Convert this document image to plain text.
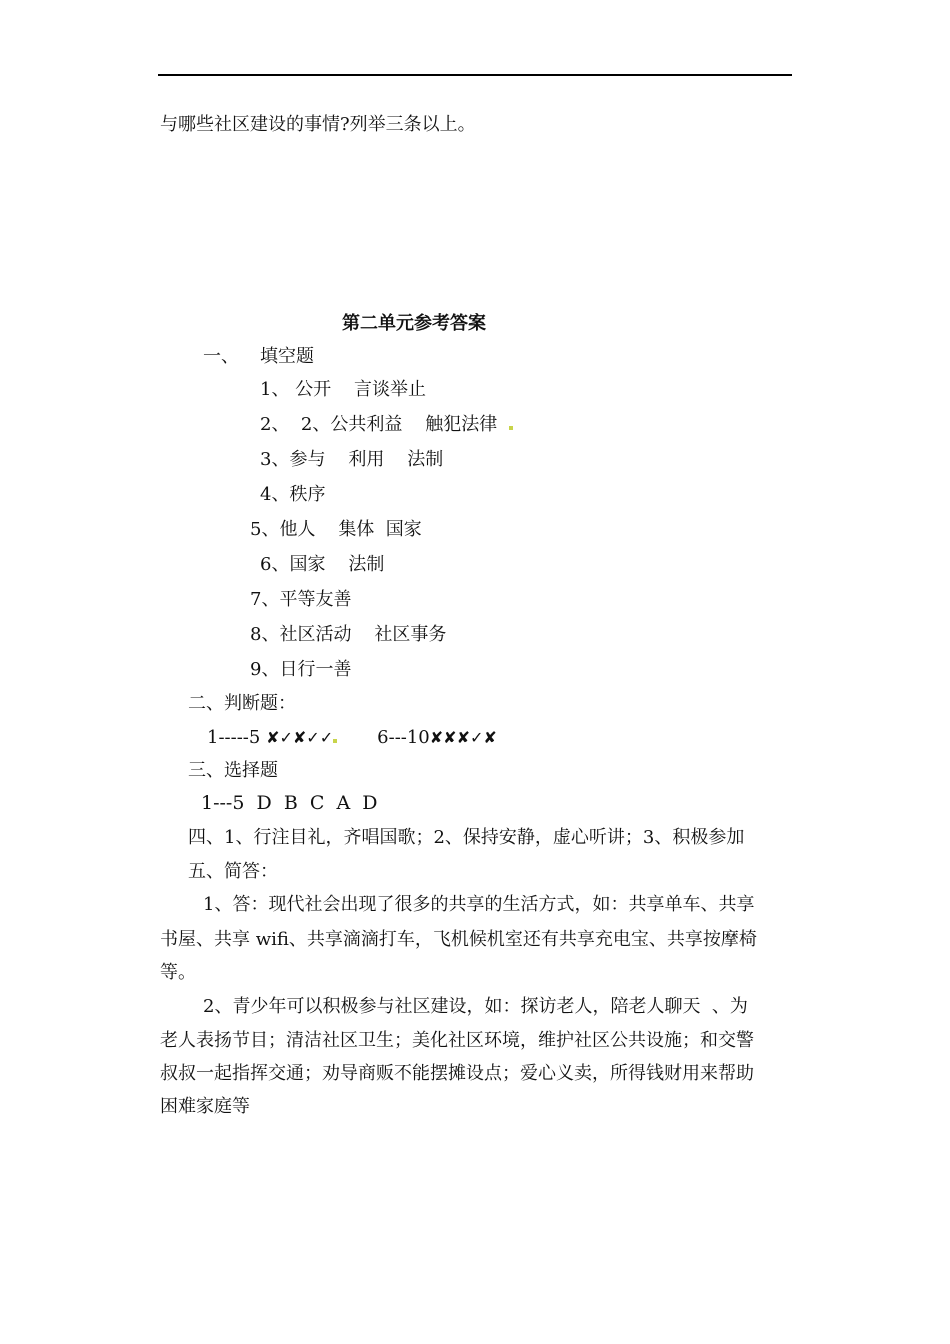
与哪些社区建设的事情?列举三条以上。
第二单元参考答案
一、 填空题
1、 公开    言谈举止
2、  2、公共利益    触犯法律
3、参与    利用    法制
4、秩序
5、他人    集体  国家
6、国家    法制
7、平等友善
8、社区活动    社区事务
9、日行一善
二、判断题：
1-----5 ✘✓✘✓✓ 6---10✘✘✘✓✘
三、选择题
1---5  D  B  C  A  D
四、1、行注目礼，齐唱国歌；2、保持安静，虚心听讲；3、积极参加
五、简答：
1、答：现代社会出现了很多的共享的生活方式，如：共享单车、共享
书屋、共享 wifi、共享滴滴打车，飞机候机室还有共享充电宝、共享按摩椅
等。
2、青少年可以积极参与社区建设，如：探访老人，陪老人聊天  、为
老人表扬节目；清洁社区卫生；美化社区环境，维护社区公共设施；和交警
叔叔一起指挥交通；劝导商贩不能摆摊设点；爱心义卖，所得钱财用来帮助
困难家庭等
